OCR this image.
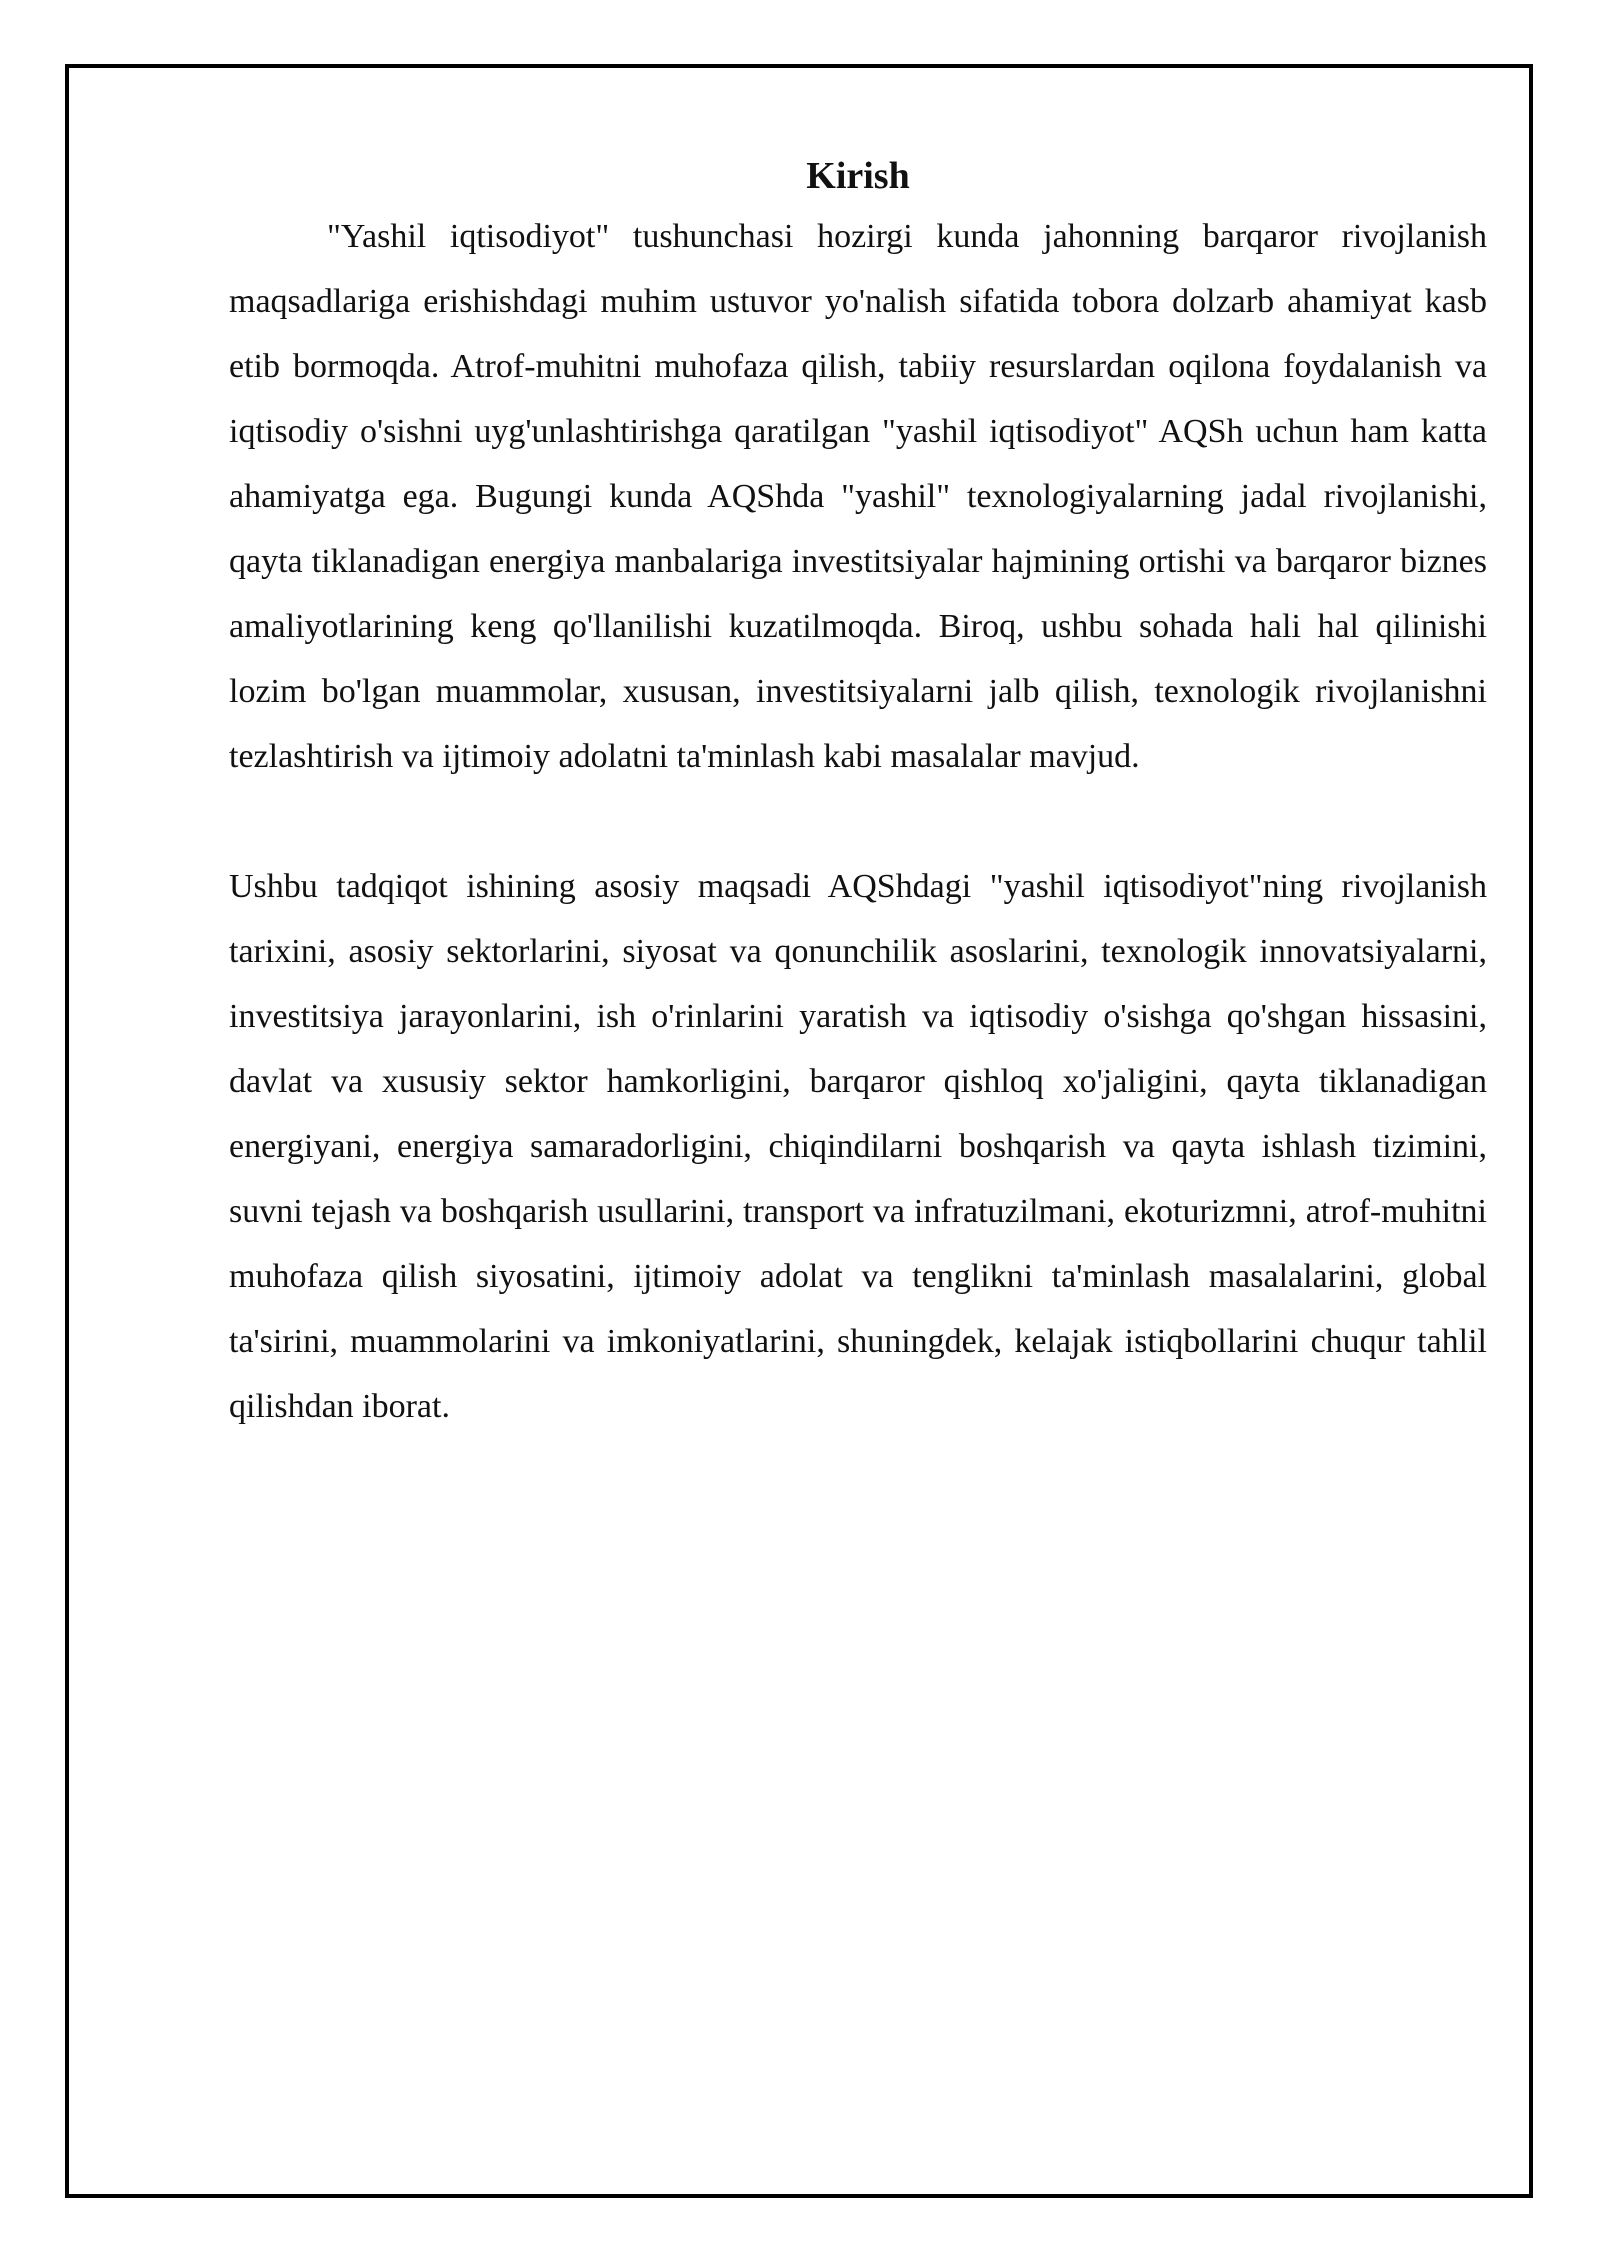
Kirish

"Yashil iqtisodiyot" tushunchasi hozirgi kunda jahonning barqaror rivojlanish maqsadlariga erishishdagi muhim ustuvor yo'nalish sifatida tobora dolzarb ahamiyat kasb etib bormoqda. Atrof-muhitni muhofaza qilish, tabiiy resurslardan oqilona foydalanish va iqtisodiy o'sishni uyg'unlashtirishga qaratilgan "yashil iqtisodiyot" AQSh uchun ham katta ahamiyatga ega. Bugungi kunda AQShda "yashil" texnologiyalarning jadal rivojlanishi, qayta tiklanadigan energiya manbalariga investitsiyalar hajmining ortishi va barqaror biznes amaliyotlarining keng qo'llanilishi kuzatilmoqda. Biroq, ushbu sohada hali hal qilinishi lozim bo'lgan muammolar, xususan, investitsiyalarni jalb qilish, texnologik rivojlanishni tezlashtirish va ijtimoiy adolatni ta'minlash kabi masalalar mavjud.

Ushbu tadqiqot ishining asosiy maqsadi AQShdagi "yashil iqtisodiyot"ning rivojlanish tarixini, asosiy sektorlarini, siyosat va qonunchilik asoslarini, texnologik innovatsiyalarni, investitsiya jarayonlarini, ish o'rinlarini yaratish va iqtisodiy o'sishga qo'shgan hissasini, davlat va xususiy sektor hamkorligini, barqaror qishloq xo'jaligini, qayta tiklanadigan energiyani, energiya samaradorligini, chiqindilarni boshqarish va qayta ishlash tizimini, suvni tejash va boshqarish usullarini, transport va infratuzilmani, ekoturizmni, atrof-muhitni muhofaza qilish siyosatini, ijtimoiy adolat va tenglikni ta'minlash masalalarini, global ta'sirini, muammolarini va imkoniyatlarini, shuningdek, kelajak istiqbollarini chuqur tahlil qilishdan iborat.
